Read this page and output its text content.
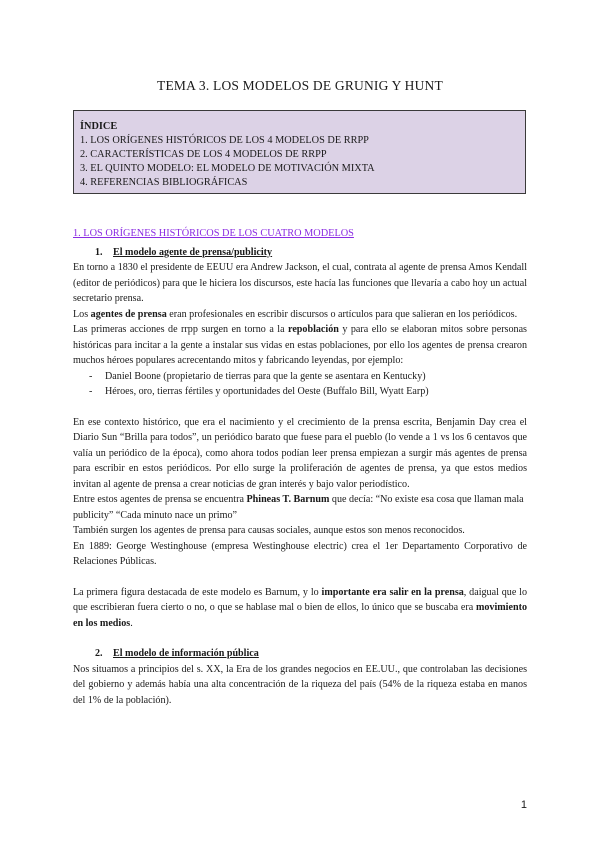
TEMA 3. LOS MODELOS DE GRUNIG Y HUNT
ÍNDICE
1. LOS ORÍGENES HISTÓRICOS DE LOS 4 MODELOS DE RRPP
2. CARACTERÍSTICAS DE LOS 4 MODELOS DE RRPP
3. EL QUINTO MODELO: EL MODELO DE MOTIVACIÓN MIXTA
4. REFERENCIAS BIBLIOGRÁFICAS
1. LOS ORÍGENES HISTÓRICOS DE LOS CUATRO MODELOS
1. El modelo agente de prensa/publicity

En torno a 1830 el presidente de EEUU era Andrew Jackson, el cual, contrata al agente de prensa Amos Kendall (editor de periódicos) para que le hiciera los discursos, este hacía las funciones que llevaría a cabo hoy un actual secretario prensa.

Los agentes de prensa eran profesionales en escribir discursos o artículos para que salieran en los periódicos.

Las primeras acciones de rrpp surgen en torno a la repoblación y para ello se elaboran mitos sobre personas históricas para incitar a la gente a instalar sus vidas en estas poblaciones, por ello los agentes de prensa crearon muchos héroes populares acrecentando mitos y fabricando leyendas, por ejemplo:

- Daniel Boone (propietario de tierras para que la gente se asentara en Kentucky)
- Héroes, oro, tierras fértiles y oportunidades del Oeste (Buffalo Bill, Wyatt Earp)

En ese contexto histórico, que era el nacimiento y el crecimiento de la prensa escrita, Benjamin Day crea el Diario Sun “Brilla para todos”, un periódico barato que fuese para el pueblo (lo vende a 1 vs los 6 centavos que valía un periódico de la época), como ahora todos podían leer prensa empiezan a surgir más agentes de prensa para escribir en estos periódicos. Por ello surge la proliferación de agentes de prensa, ya que estos medios invitan al agente de prensa a crear noticias de gran interés y bajo valor periodístico.

Entre estos agentes de prensa se encuentra Phineas T. Barnum que decía: “No existe esa cosa que llaman mala publicity” “Cada minuto nace un primo”

También surgen los agentes de prensa para causas sociales, aunque estos son menos reconocidos.

En 1889: George Westinghouse (empresa Westinghouse electric) crea el 1er Departamento Corporativo de Relaciones Públicas.

La primera figura destacada de este modelo es Barnum, y lo importante era salir en la prensa, daigual que lo que escribieran fuera cierto o no, o que se hablase mal o bien de ellos, lo único que se buscaba era movimiento en los medios.

2. El modelo de información pública

Nos situamos a principios del s. XX, la Era de los grandes negocios en EE.UU., que controlaban las decisiones del gobierno y además había una alta concentración de la riqueza del país (54% de la riqueza estaba en manos del 1% de la población).

1
